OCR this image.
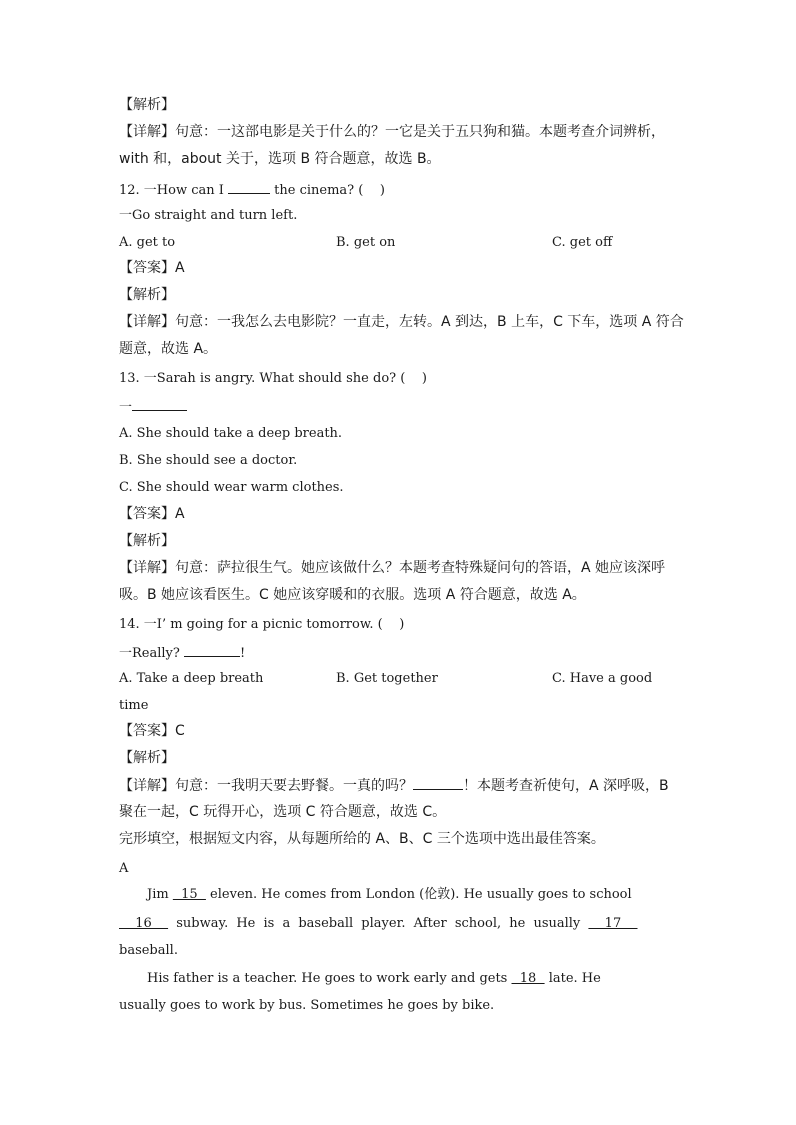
【解析】
【详解】句意：一这部电影是关于什么的？一它是关于五只狗和猫。本题考查介词辨析，
with 和，about 关于，选项 B 符合题意，故选 B。
12. 一How can I	the cinema? (    )
一Go straight and turn left.
A. get to	B. get on	C. get off
【答案】A
【解析】
【详解】句意：一我怎么去电影院？一直走，左转。A 到达，B 上车，C 下车，选项 A 符合
题意，故选 A。
13. 一Sarah is angry. What should she do? (    )
一
A. She should take a deep breath.
B. She should see a doctor.
C. She should wear warm clothes.
【答案】A
【解析】
【详解】句意：萨拉很生气。她应该做什么？本题考查特殊疑问句的答语，A 她应该深呼
吸。B 她应该看医生。C 她应该穿暖和的衣服。选项 A 符合题意，故选 A。
14. 一I’ m going for a picnic tomorrow. (    )
一Really?	!
A. Take a deep breath	B. Get together	C. Have a good
time
【答案】C
【解析】
【详解】句意：一我明天要去野餐。一真的吗？	！本题考查祈使句，A 深呼吸，B
聚在一起，C 玩得开心，选项 C 符合题意，故选 C。
完形填空，根据短文内容，从每题所给的 A、B、C 三个选项中选出最佳答案。
A
Jim   15   eleven. He comes from London (伦敦). He usually goes to school
16   subway. He is a baseball player. After school, he usually   17
baseball.
His father is a teacher. He goes to work early and gets   18   late. He
usually goes to work by bus. Sometimes he goes by bike.
